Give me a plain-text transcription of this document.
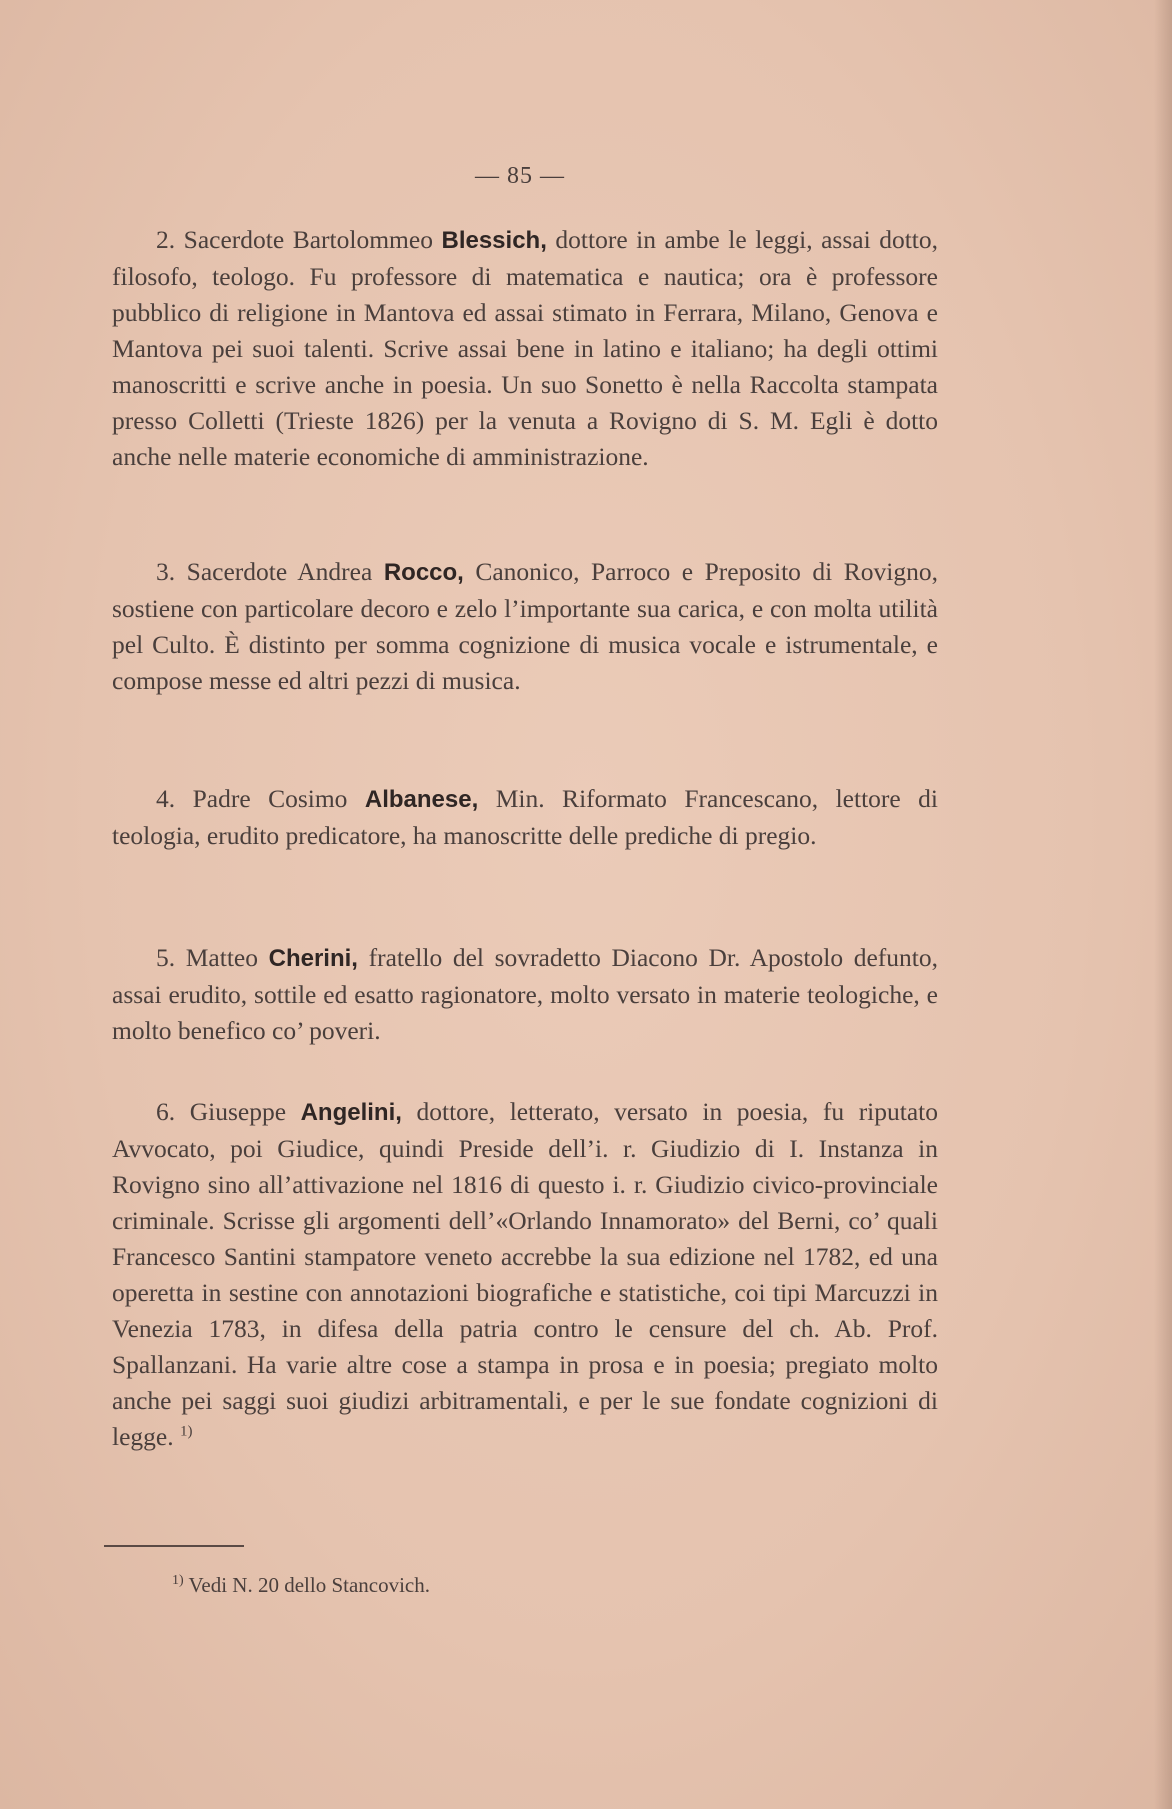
— 85 —

2. Sacerdote Bartolommeo Blessich, dottore in ambe le leggi, assai dotto, filosofo, teologo. Fu professore di matematica e nautica; ora è professore pubblico di religione in Mantova ed assai stimato in Ferrara, Milano, Genova e Mantova pei suoi talenti. Scrive assai bene in latino e italiano; ha degli ottimi manoscritti e scrive anche in poesia. Un suo Sonetto è nella Raccolta stampata presso Colletti (Trieste 1826) per la venuta a Rovigno di S. M. Egli è dotto anche nelle materie economiche di amministrazione.

3. Sacerdote Andrea Rocco, Canonico, Parroco e Preposito di Rovigno, sostiene con particolare decoro e zelo l’importante sua carica, e con molta utilità pel Culto. È distinto per somma cognizione di musica vocale e istrumentale, e compose messe ed altri pezzi di musica.

4. Padre Cosimo Albanese, Min. Riformato Francescano, lettore di teologia, erudito predicatore, ha manoscritte delle prediche di pregio.

5. Matteo Cherini, fratello del sovradetto Diacono Dr. Apostolo defunto, assai erudito, sottile ed esatto ragionatore, molto versato in materie teologiche, e molto benefico co’ poveri.

6. Giuseppe Angelini, dottore, letterato, versato in poesia, fu riputato Avvocato, poi Giudice, quindi Preside dell’i. r. Giudizio di I. Instanza in Rovigno sino all’attivazione nel 1816 di questo i. r. Giudizio civico-provinciale criminale. Scrisse gli argomenti dell’«Orlando Innamorato» del Berni, co’ quali Francesco Santini stampatore veneto accrebbe la sua edizione nel 1782, ed una operetta in sestine con annotazioni biografiche e statistiche, coi tipi Marcuzzi in Venezia 1783, in difesa della patria contro le censure del ch. Ab. Prof. Spallanzani. Ha varie altre cose a stampa in prosa e in poesia; pregiato molto anche pei saggi suoi giudizi arbitramentali, e per le sue fondate cognizioni di legge. $^{1)}$

$^{1)}$ Vedi N. 20 dello Stancovich.
